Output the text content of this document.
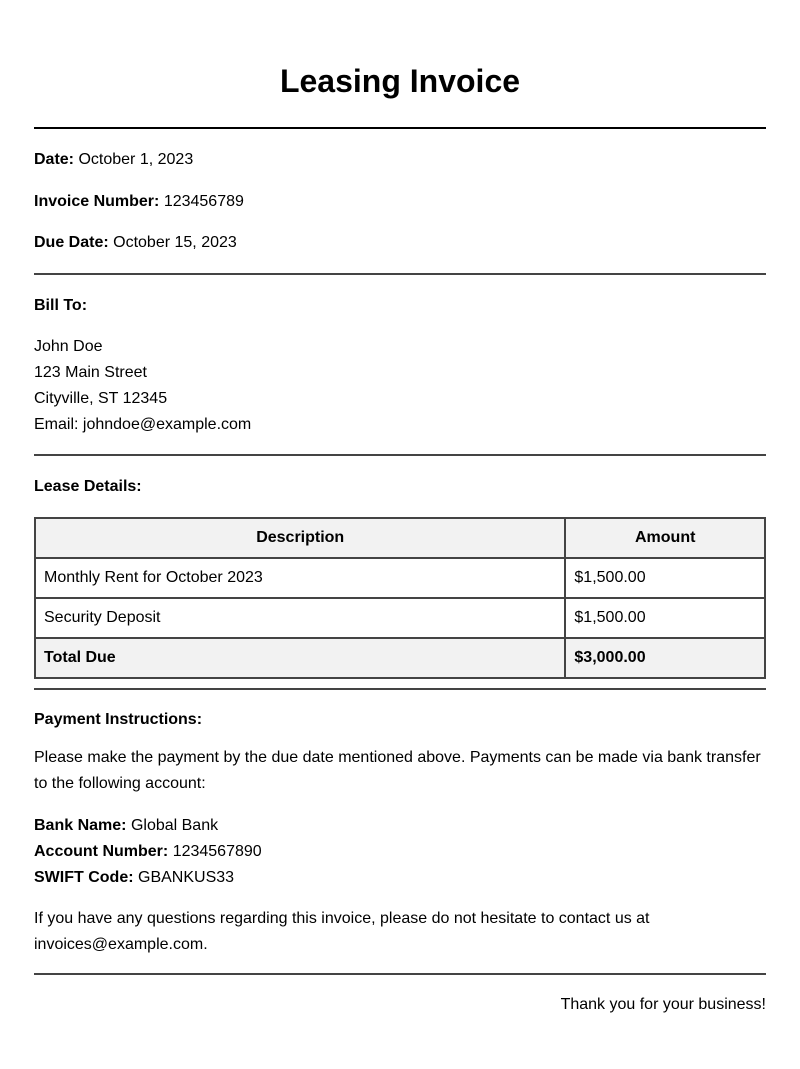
Leasing Invoice

Date: October 1, 2023

Invoice Number: 123456789

Due Date: October 15, 2023

Bill To:

John Doe

123 Main Street

Cityville, ST 12345

Email: johndoe@example.com

Lease Details:

Description	Amount
Monthly Rent for October 2023	$1,500.00
Security Deposit	$1,500.00
Total Due	$3,000.00

Payment Instructions:

Please make the payment by the due date mentioned above. Payments can be made via bank transfer to the following account:

Bank Name: Global Bank

Account Number: 1234567890

SWIFT Code: GBANKUS33

If you have any questions regarding this invoice, please do not hesitate to contact us at invoices@example.com.

Thank you for your business!
